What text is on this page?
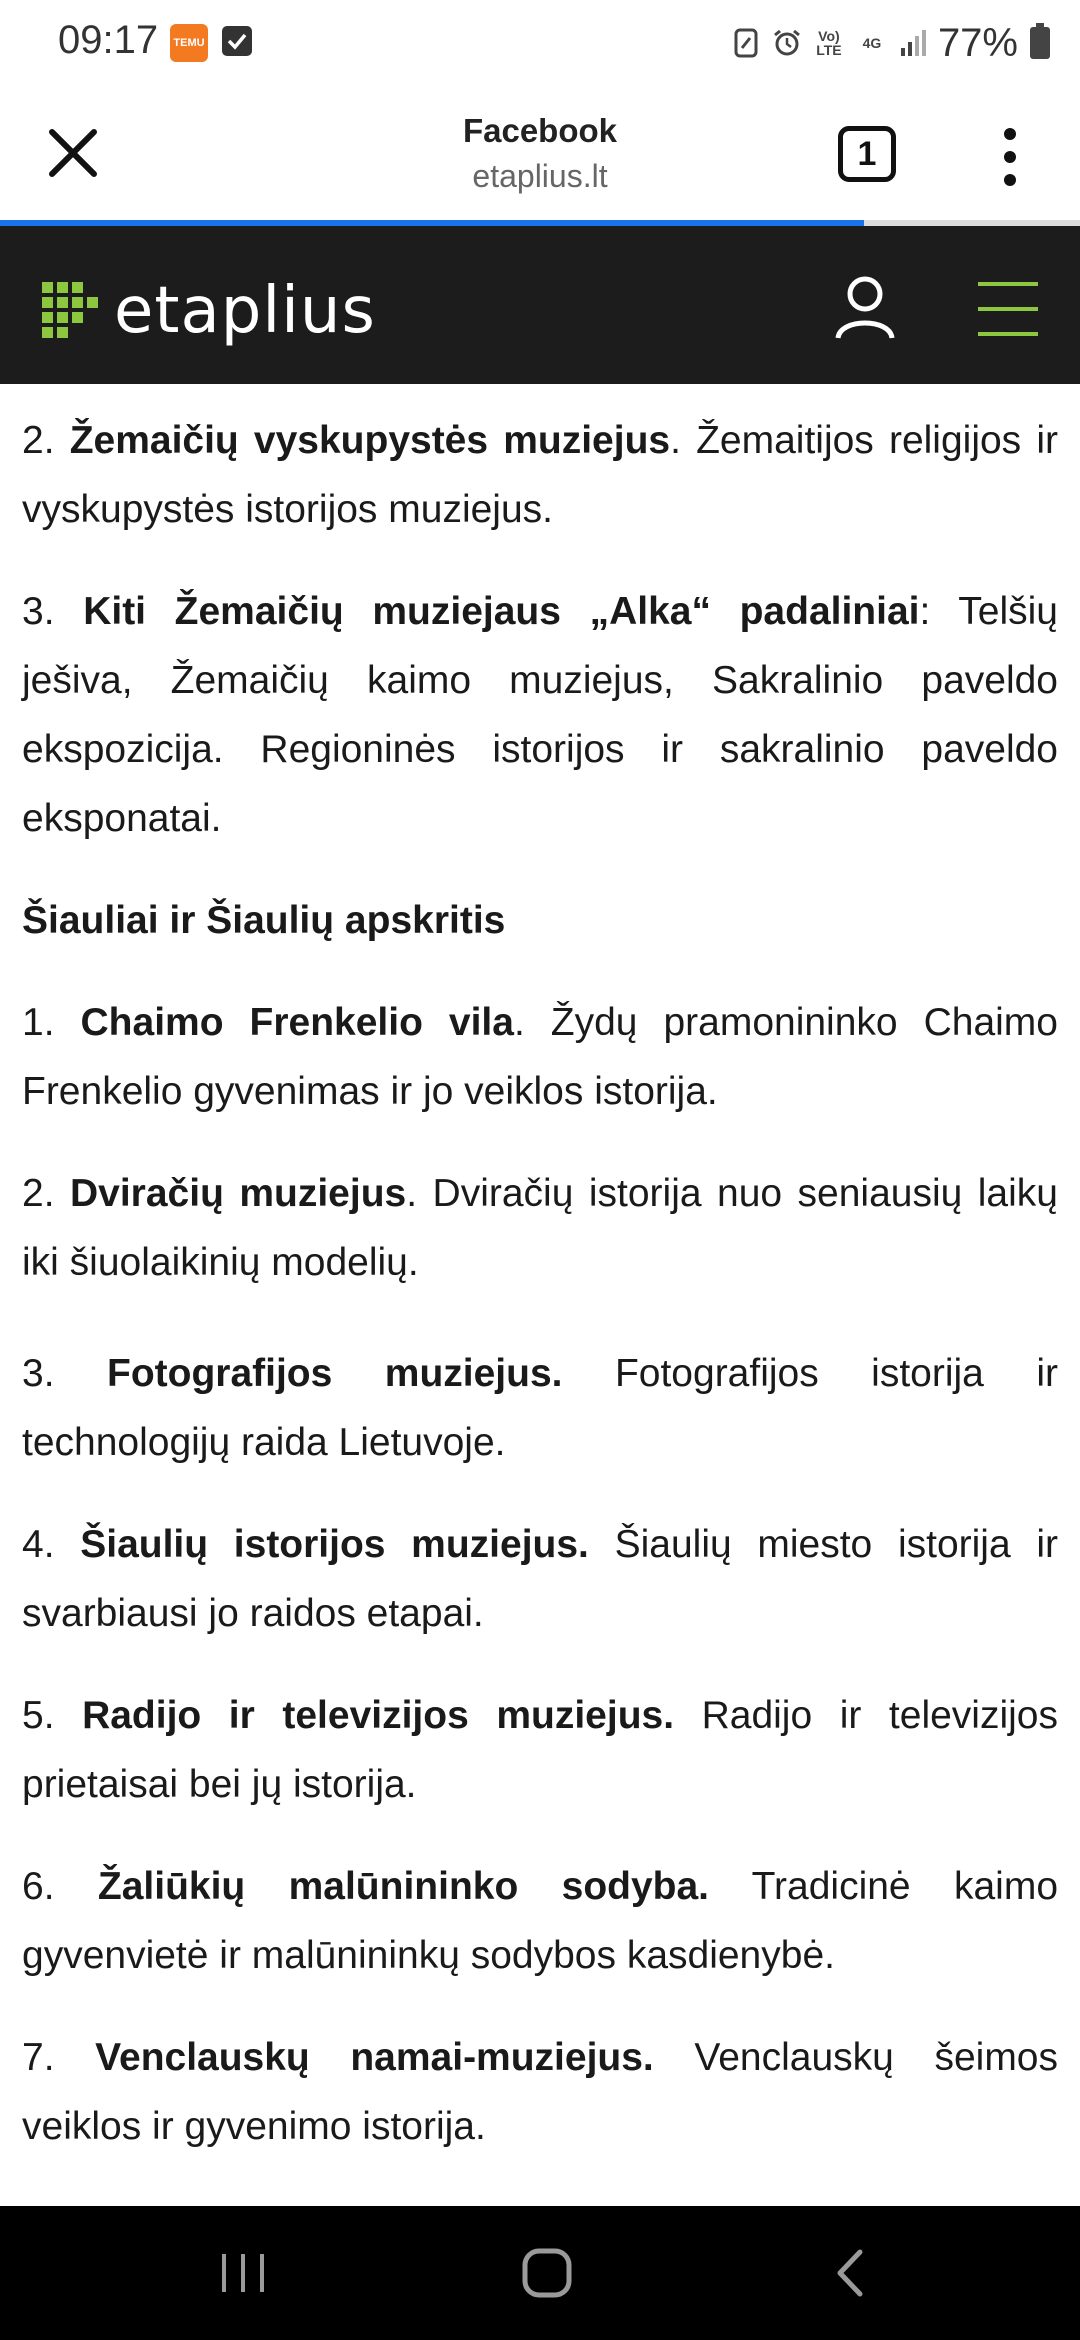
09:17	TEMU	Vo) LTE	4G 77%
Facebook
etaplius.lt
1
etaplius

2. Žemaičių vyskupystės muziejus. Žemaitijos religijos ir vyskupystės istorijos muziejus.

3. Kiti Žemaičių muziejaus „Alka“ padaliniai: Telšių ješiva, Žemaičių kaimo muziejus, Sakralinio paveldo ekspozicija. Regioninės istorijos ir sakralinio paveldo eksponatai.

Šiauliai ir Šiaulių apskritis

1. Chaimo Frenkelio vila. Žydų pramonininko Chaimo Frenkelio gyvenimas ir jo veiklos istorija.

2. Dviračių muziejus. Dviračių istorija nuo seniausių laikų iki šiuolaikinių modelių.

3. Fotografijos muziejus. Fotografijos istorija ir technologijų raida Lietuvoje.

4. Šiaulių istorijos muziejus. Šiaulių miesto istorija ir svarbiausi jo raidos etapai.

5. Radijo ir televizijos muziejus. Radijo ir televizijos prietaisai bei jų istorija.

6. Žaliūkių malūnininko sodyba. Tradicinė kaimo gyvenvietė ir malūnininkų sodybos kasdienybė.

7. Venclauskų namai-muziejus. Venclauskų šeimos veiklos ir gyvenimo istorija.
